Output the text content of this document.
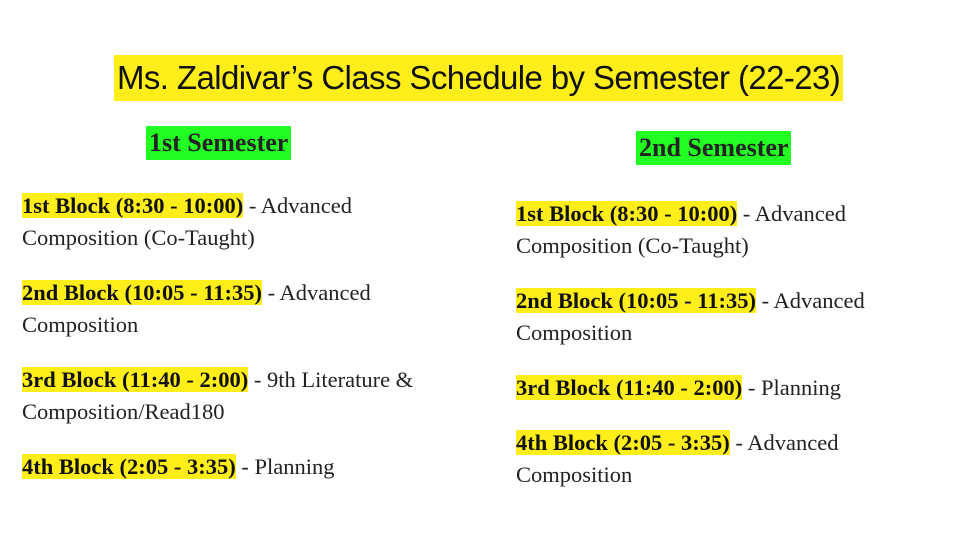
Ms. Zaldivar’s Class Schedule by Semester (22-23)
1st Semester	2nd Semester
1st Block (8:30 - 10:00) - Advanced Composition (Co-Taught)
2nd Block (10:05 - 11:35) - Advanced Composition
3rd Block (11:40 - 2:00) - 9th Literature & Composition/Read180
4th Block (2:05 - 3:35) - Planning
1st Block (8:30 - 10:00) - Advanced Composition (Co-Taught)
2nd Block (10:05 - 11:35) - Advanced Composition
3rd Block (11:40 - 2:00) - Planning
4th Block (2:05 - 3:35) - Advanced Composition
